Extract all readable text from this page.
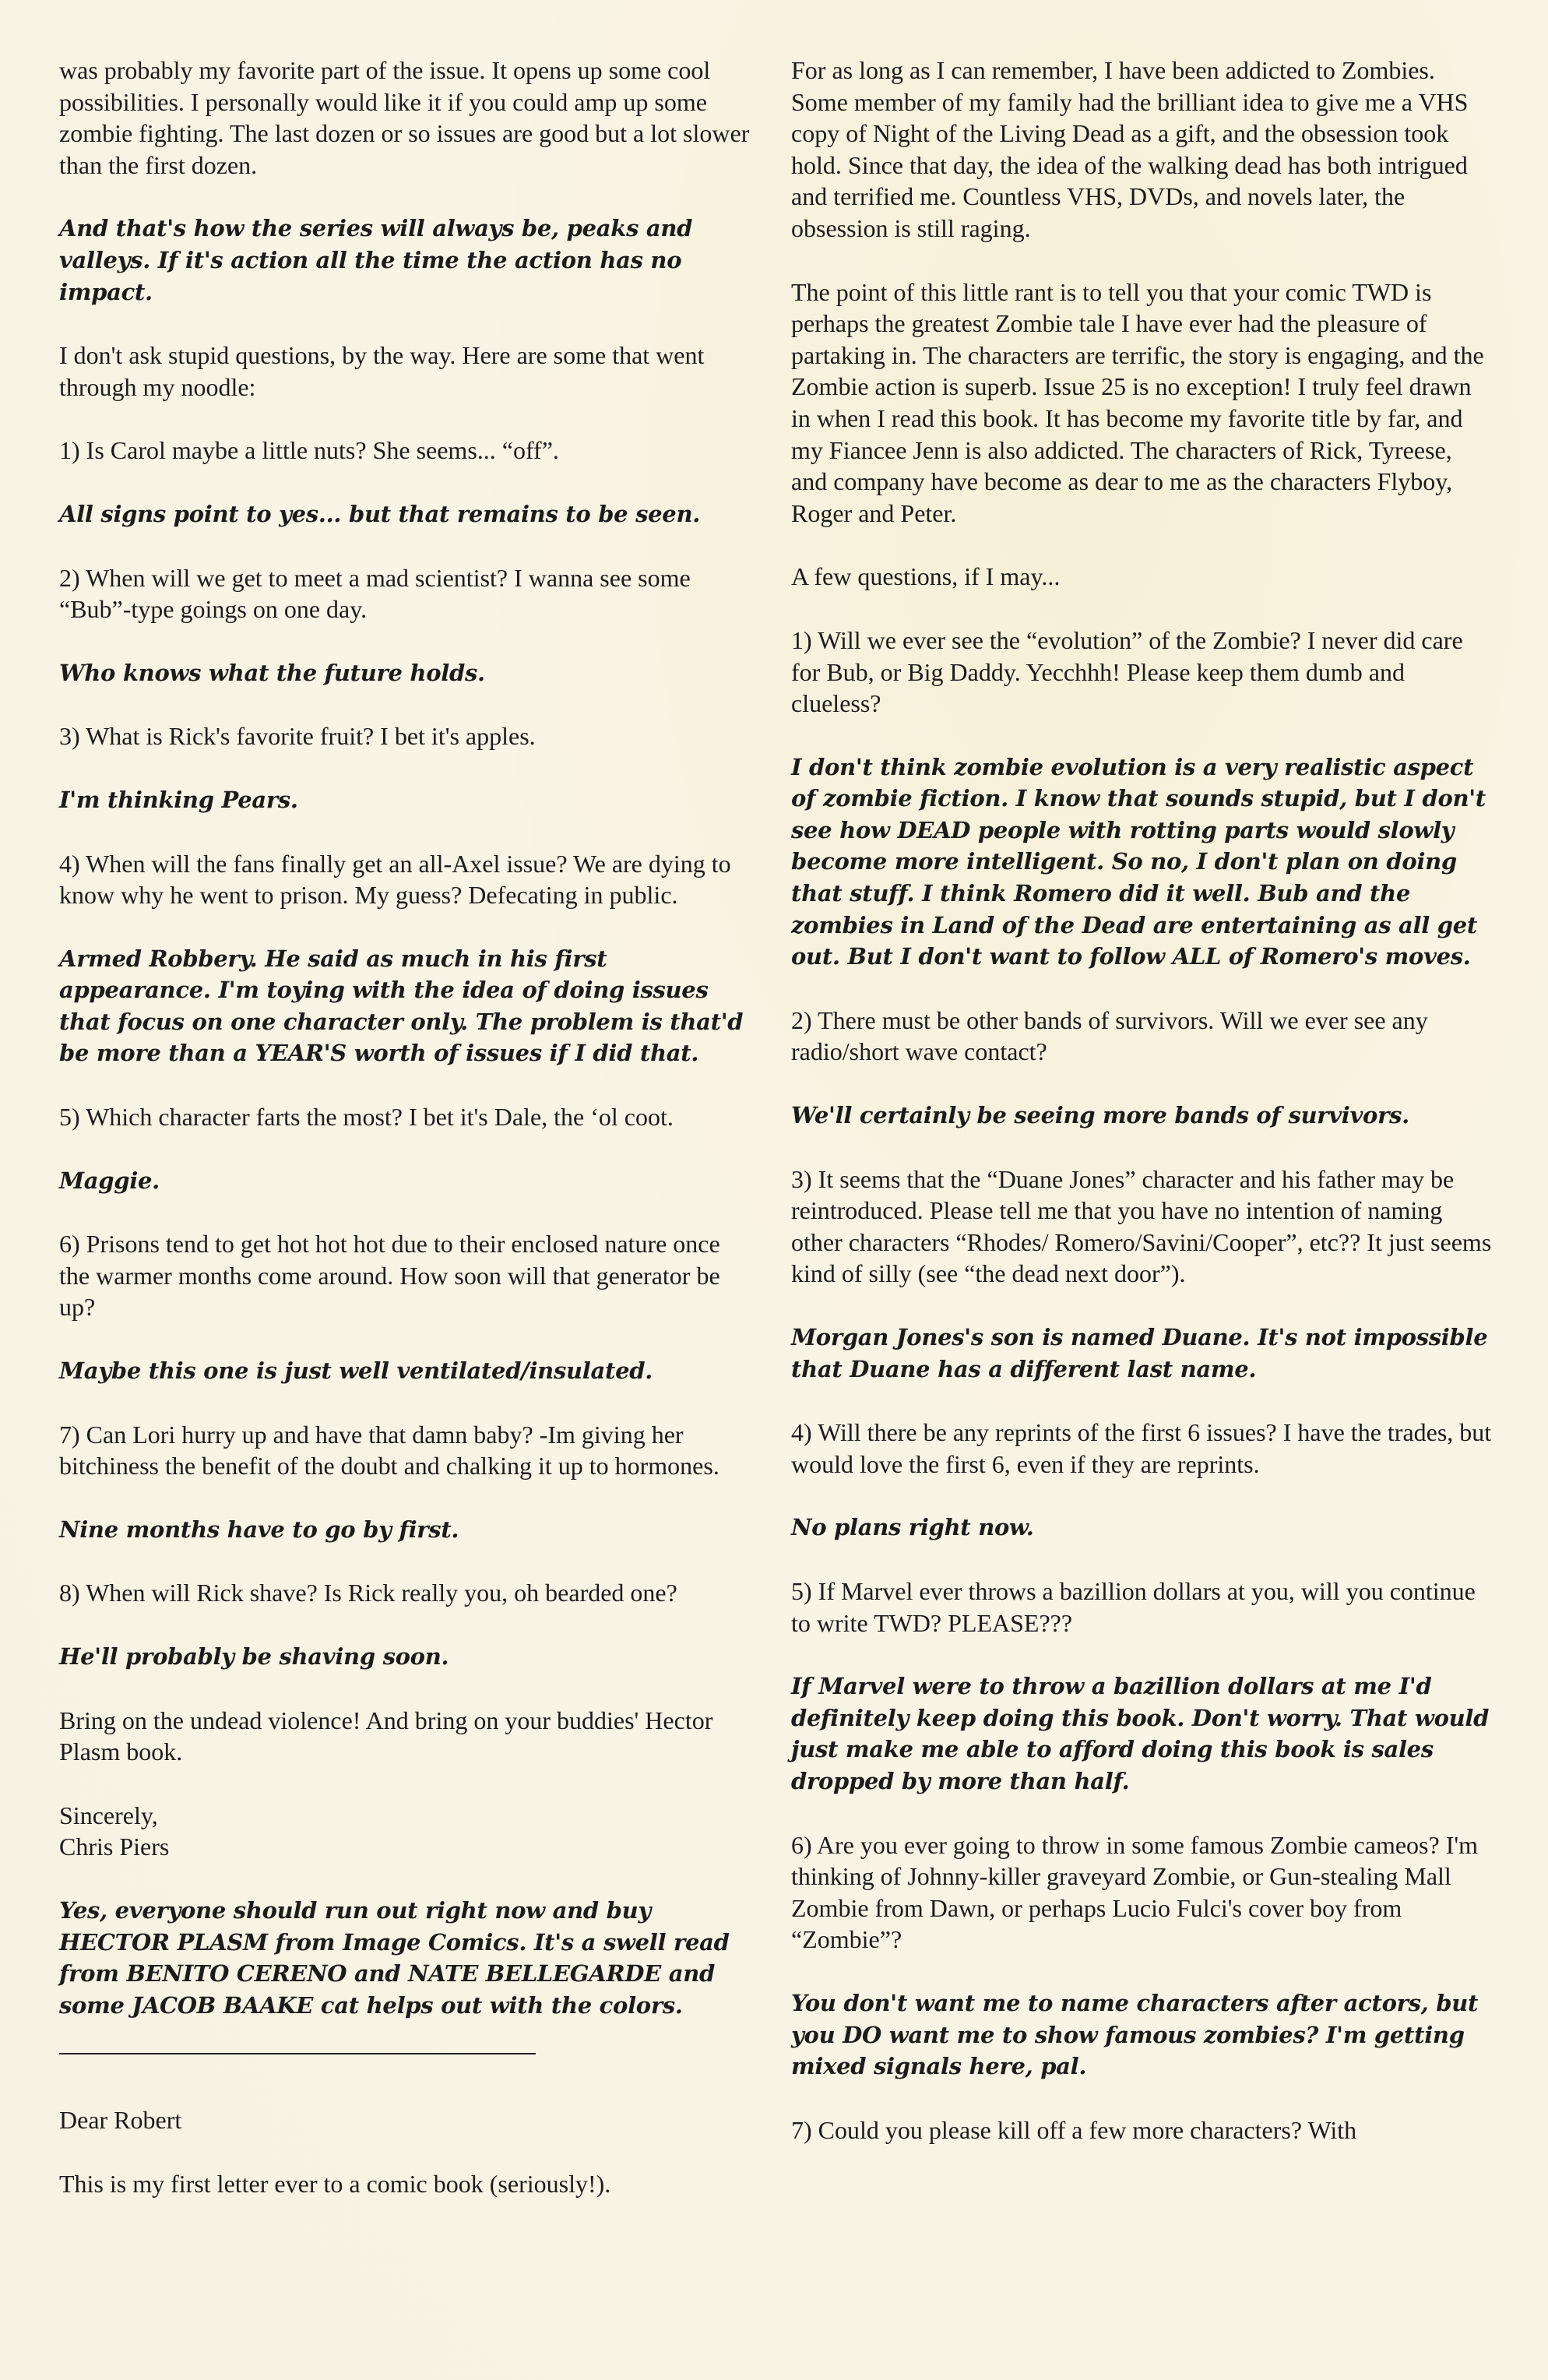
was probably my favorite part of the issue. It opens up some cool possibilities. I personally would like it if you could amp up some zombie fighting. The last dozen or so issues are good but a lot slower than the first dozen.

And that's how the series will always be, peaks and valleys. If it's action all the time the action has no impact.

I don't ask stupid questions, by the way. Here are some that went through my noodle:

1) Is Carol maybe a little nuts? She seems... “off”.

All signs point to yes... but that remains to be seen.

2) When will we get to meet a mad scientist? I wanna see some “Bub”-type goings on one day.

Who knows what the future holds.

3) What is Rick's favorite fruit? I bet it's apples.

I'm thinking Pears.

4) When will the fans finally get an all-Axel issue? We are dying to know why he went to prison. My guess? Defecating in public.

Armed Robbery. He said as much in his first appearance. I'm toying with the idea of doing issues that focus on one character only. The problem is that'd be more than a YEAR'S worth of issues if I did that.

5) Which character farts the most? I bet it's Dale, the ‘ol coot.

Maggie.

6) Prisons tend to get hot hot hot due to their enclosed nature once the warmer months come around. How soon will that generator be up?

Maybe this one is just well ventilated/insulated.

7) Can Lori hurry up and have that damn baby? -Im giving her bitchiness the benefit of the doubt and chalking it up to hormones.

Nine months have to go by first.

8) When will Rick shave? Is Rick really you, oh bearded one?

He'll probably be shaving soon.

Bring on the undead violence! And bring on your buddies' Hector Plasm book.

Sincerely,
Chris Piers

Yes, everyone should run out right now and buy HECTOR PLASM from Image Comics. It's a swell read from BENITO CERENO and NATE BELLEGARDE and some JACOB BAAKE cat helps out with the colors.

Dear Robert

This is my first letter ever to a comic book (seriously!).

For as long as I can remember, I have been addicted to Zombies. Some member of my family had the brilliant idea to give me a VHS copy of Night of the Living Dead as a gift, and the obsession took hold. Since that day, the idea of the walking dead has both intrigued and terrified me. Countless VHS, DVDs, and novels later, the obsession is still raging.

The point of this little rant is to tell you that your comic TWD is perhaps the greatest Zombie tale I have ever had the pleasure of partaking in. The characters are terrific, the story is engaging, and the Zombie action is superb. Issue 25 is no exception! I truly feel drawn in when I read this book. It has become my favorite title by far, and my Fiancee Jenn is also addicted. The characters of Rick, Tyreese, and company have become as dear to me as the characters Flyboy, Roger and Peter.

A few questions, if I may...

1) Will we ever see the “evolution” of the Zombie? I never did care for Bub, or Big Daddy. Yecchhh! Please keep them dumb and clueless?

I don't think zombie evolution is a very realistic aspect of zombie fiction. I know that sounds stupid, but I don't see how DEAD people with rotting parts would slowly become more intelligent. So no, I don't plan on doing that stuff. I think Romero did it well. Bub and the zombies in Land of the Dead are entertaining as all get out. But I don't want to follow ALL of Romero's moves.

2) There must be other bands of survivors. Will we ever see any radio/short wave contact?

We'll certainly be seeing more bands of survivors.

3) It seems that the “Duane Jones” character and his father may be reintroduced. Please tell me that you have no intention of naming other characters “Rhodes/ Romero/Savini/Cooper”, etc?? It just seems kind of silly (see “the dead next door”).

Morgan Jones's son is named Duane. It's not impossible that Duane has a different last name.

4) Will there be any reprints of the first 6 issues? I have the trades, but would love the first 6, even if they are reprints.

No plans right now.

5) If Marvel ever throws a bazillion dollars at you, will you continue to write TWD? PLEASE???

If Marvel were to throw a bazillion dollars at me I'd definitely keep doing this book. Don't worry. That would just make me able to afford doing this book is sales dropped by more than half.

6) Are you ever going to throw in some famous Zombie cameos? I'm thinking of Johnny-killer graveyard Zombie, or Gun-stealing Mall Zombie from Dawn, or perhaps Lucio Fulci's cover boy from “Zombie”?

You don't want me to name characters after actors, but you DO want me to show famous zombies? I'm getting mixed signals here, pal.

7) Could you please kill off a few more characters? With
